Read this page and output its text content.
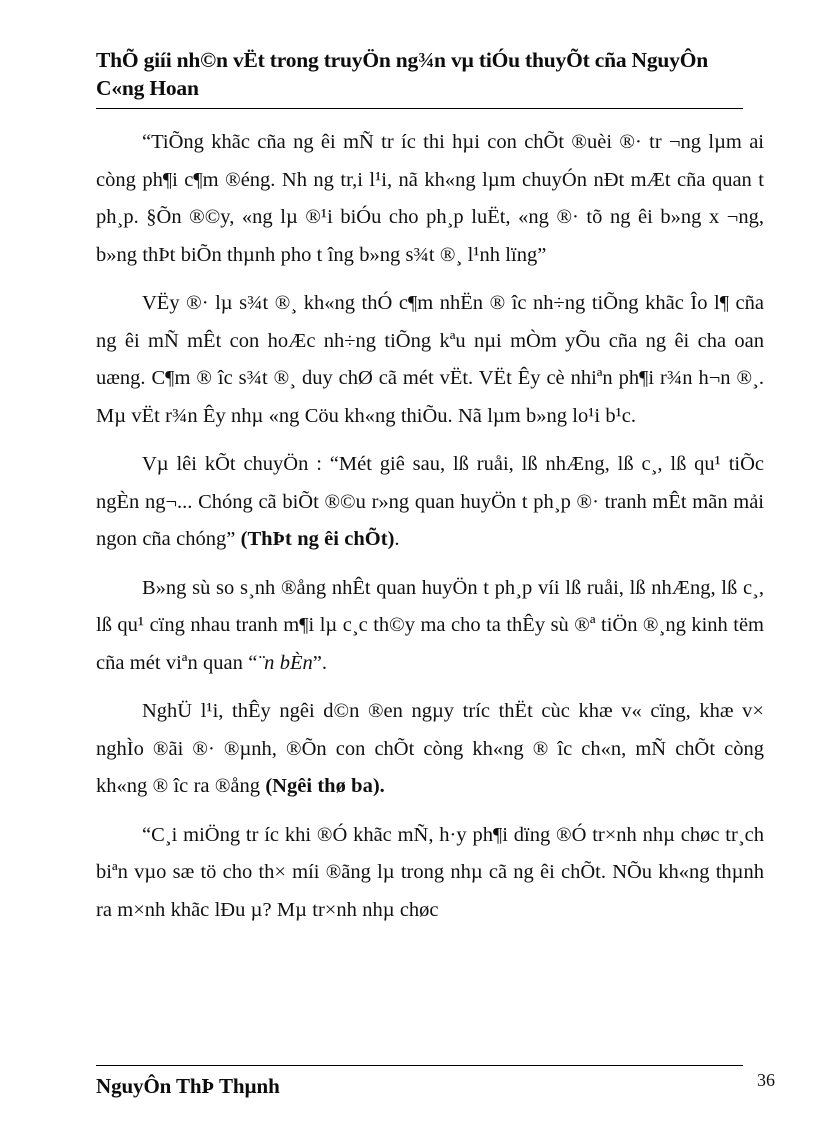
ThÕ giíi nh©n vËt trong truyÖn ng¾n vµ tiÓu thuyÕt cña NguyÔn C«ng Hoan

“TiÕng khãc cña ng êi mÑ tr íc thi hµi con chÕt ®uèi ®· tr ¬ng lµm ai còng ph¶i c¶m ®éng. Nh ng tr,i l¹i, nã kh«ng lµm chuyÓn nÐt mÆt cña quan t ph¸p. §Õn ®©y, «ng lµ ®¹i biÓu cho ph¸p luËt, «ng ®· tõ ng êi b»ng x ¬ng, b»ng thÞt biÕn thµnh pho t îng b»ng s¾t ®¸ l¹nh lïng”

VËy ®· lµ s¾t ®¸ kh«ng thÓ c¶m nhËn ® îc nh÷ng tiÕng khãc Îo l¶ cña ng êi mÑ mÊt con hoÆc nh÷ng tiÕng kªu nµi mÒm yÕu cña ng êi cha oan uæng. C¶m ® îc s¾t ®¸ duy chØ cã mét vËt. VËt Êy cè nhiªn ph¶i r¾n h¬n ®¸. Mµ vËt r¾n Êy nhµ «ng Cöu kh«ng thiÕu. Nã lµm b»ng lo¹i b¹c.

Vµ lêi kÕt chuyÖn : “Mét giê sau, lß ruåi, lß nhÆng, lß c¸, lß qu¹ tiÕc ngÈn ng¬... Chóng cã biÕt ®©u r»ng quan huyÖn t ph¸p ®· tranh mÊt mãn mải ngon cña chóng” (ThÞt ng êi chÕt).

B»ng sù so s¸nh ®ång nhÊt quan huyÖn t ph¸p víi lß ruåi, lß nhÆng, lß c¸, lß qu¹ cïng nhau tranh m¶i lµ c¸c th©y ma cho ta thÊy sù ®ª tiÖn ®¸ng kinh tëm cña mét viªn quan “¨n bÈn”.

NghÜ l¹i, thÊy ngêi d©n ®en ngµy tríc thËt cùc khæ v« cïng, khæ v× nghÌo ®ãi ®· ®µnh, ®Õn con chÕt còng kh«ng ® îc ch«n, mÑ chÕt còng kh«ng ® îc ra ®ång (Ngêi thø ba).

“C¸i miÖng tr íc khi ®Ó khãc mÑ, h·y ph¶i dïng ®Ó tr×nh nhµ chøc tr¸ch biªn vµo sæ tö cho th× míi ®ãng lµ trong nhµ cã ng êi chÕt. NÕu kh«ng thµnh ra m×nh khãc lÐu µ? Mµ tr×nh nhµ chøc

NguyÔn ThÞ Thµnh	36
